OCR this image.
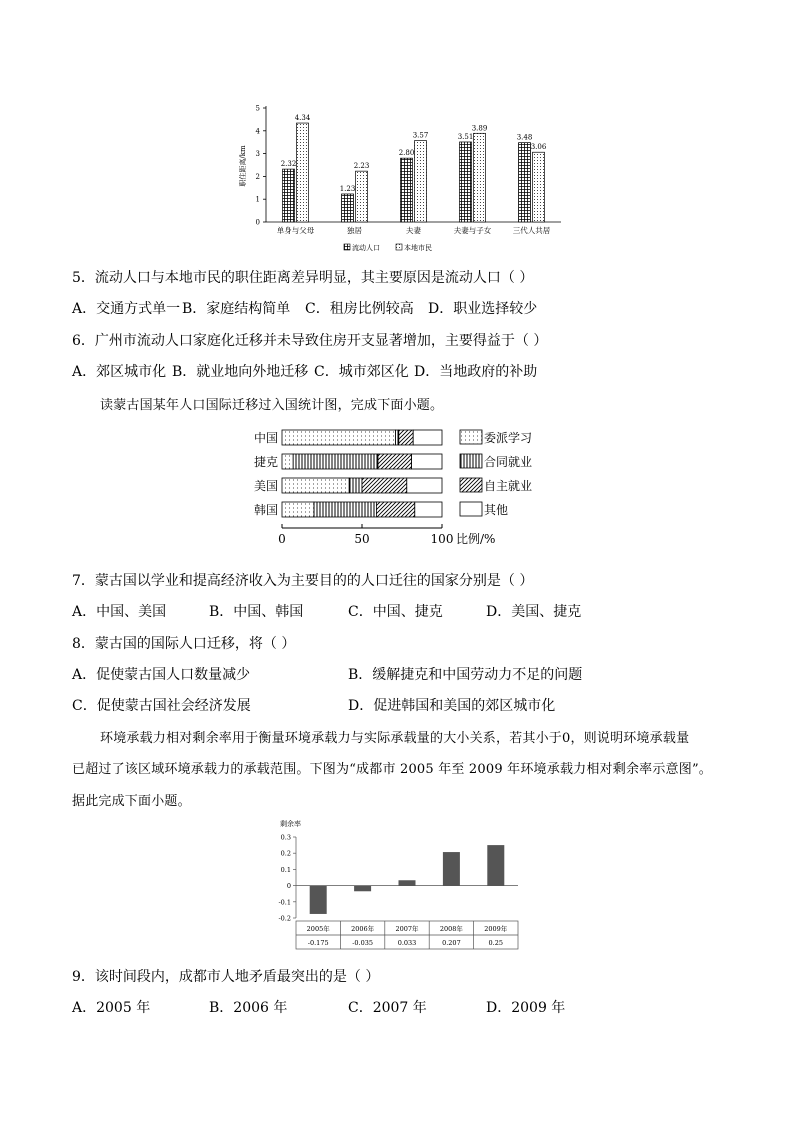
职住距离/km
0
1
2
3
4
5
2.32
4.34
1.23
2.23
2.80
3.57	3.51
3.89
3.48
3.06
单身与父母	独居	夫妻	夫妻与子女	三代人共居
流动人口	本地市民
5．流动人口与本地市民的职住距离差异明显，其主要原因是流动人口（ ）
A．交通方式单一 B．家庭结构简单 C．租房比例较高 D．职业选择较少
6．广州市流动人口家庭化迁移并未导致住房开支显著增加，主要得益于（ ）
A．郊区城市化 B．就业地向外地迁移 C．城市郊区化 D．当地政府的补助
读蒙古国某年人口国际迁移过入国统计图，完成下面小题。
中国
捷克
美国
韩国
0	50	100 比例/%
委派学习
合同就业
自主就业
其他
7．蒙古国以学业和提高经济收入为主要目的的人口迁往的国家分别是（ ）
A．中国、美国	B．中国、韩国	C．中国、捷克	D．美国、捷克
8．蒙古国的国际人口迁移，将（ ）
A．促使蒙古国人口数量减少	B．缓解捷克和中国劳动力不足的问题
C．促使蒙古国社会经济发展	D．促进韩国和美国的郊区城市化
环境承载力相对剩余率用于衡量环境承载力与实际承载量的大小关系，若其小于0，则说明环境承载量
已超过了该区域环境承载力的承载范围。下图为“成都市 2005 年至 2009 年环境承载力相对剩余率示意图”。
据此完成下面小题。
剩余率
0.3
0.2
0.1
0
-0.1
-0.2
2005年
-0.175
2006年
-0.035
2007年
0.033
2008年
0.207
2009年
0.25
9．该时间段内，成都市人地矛盾最突出的是（ ）
A．2005 年	B．2006 年	C．2007 年	D．2009 年
